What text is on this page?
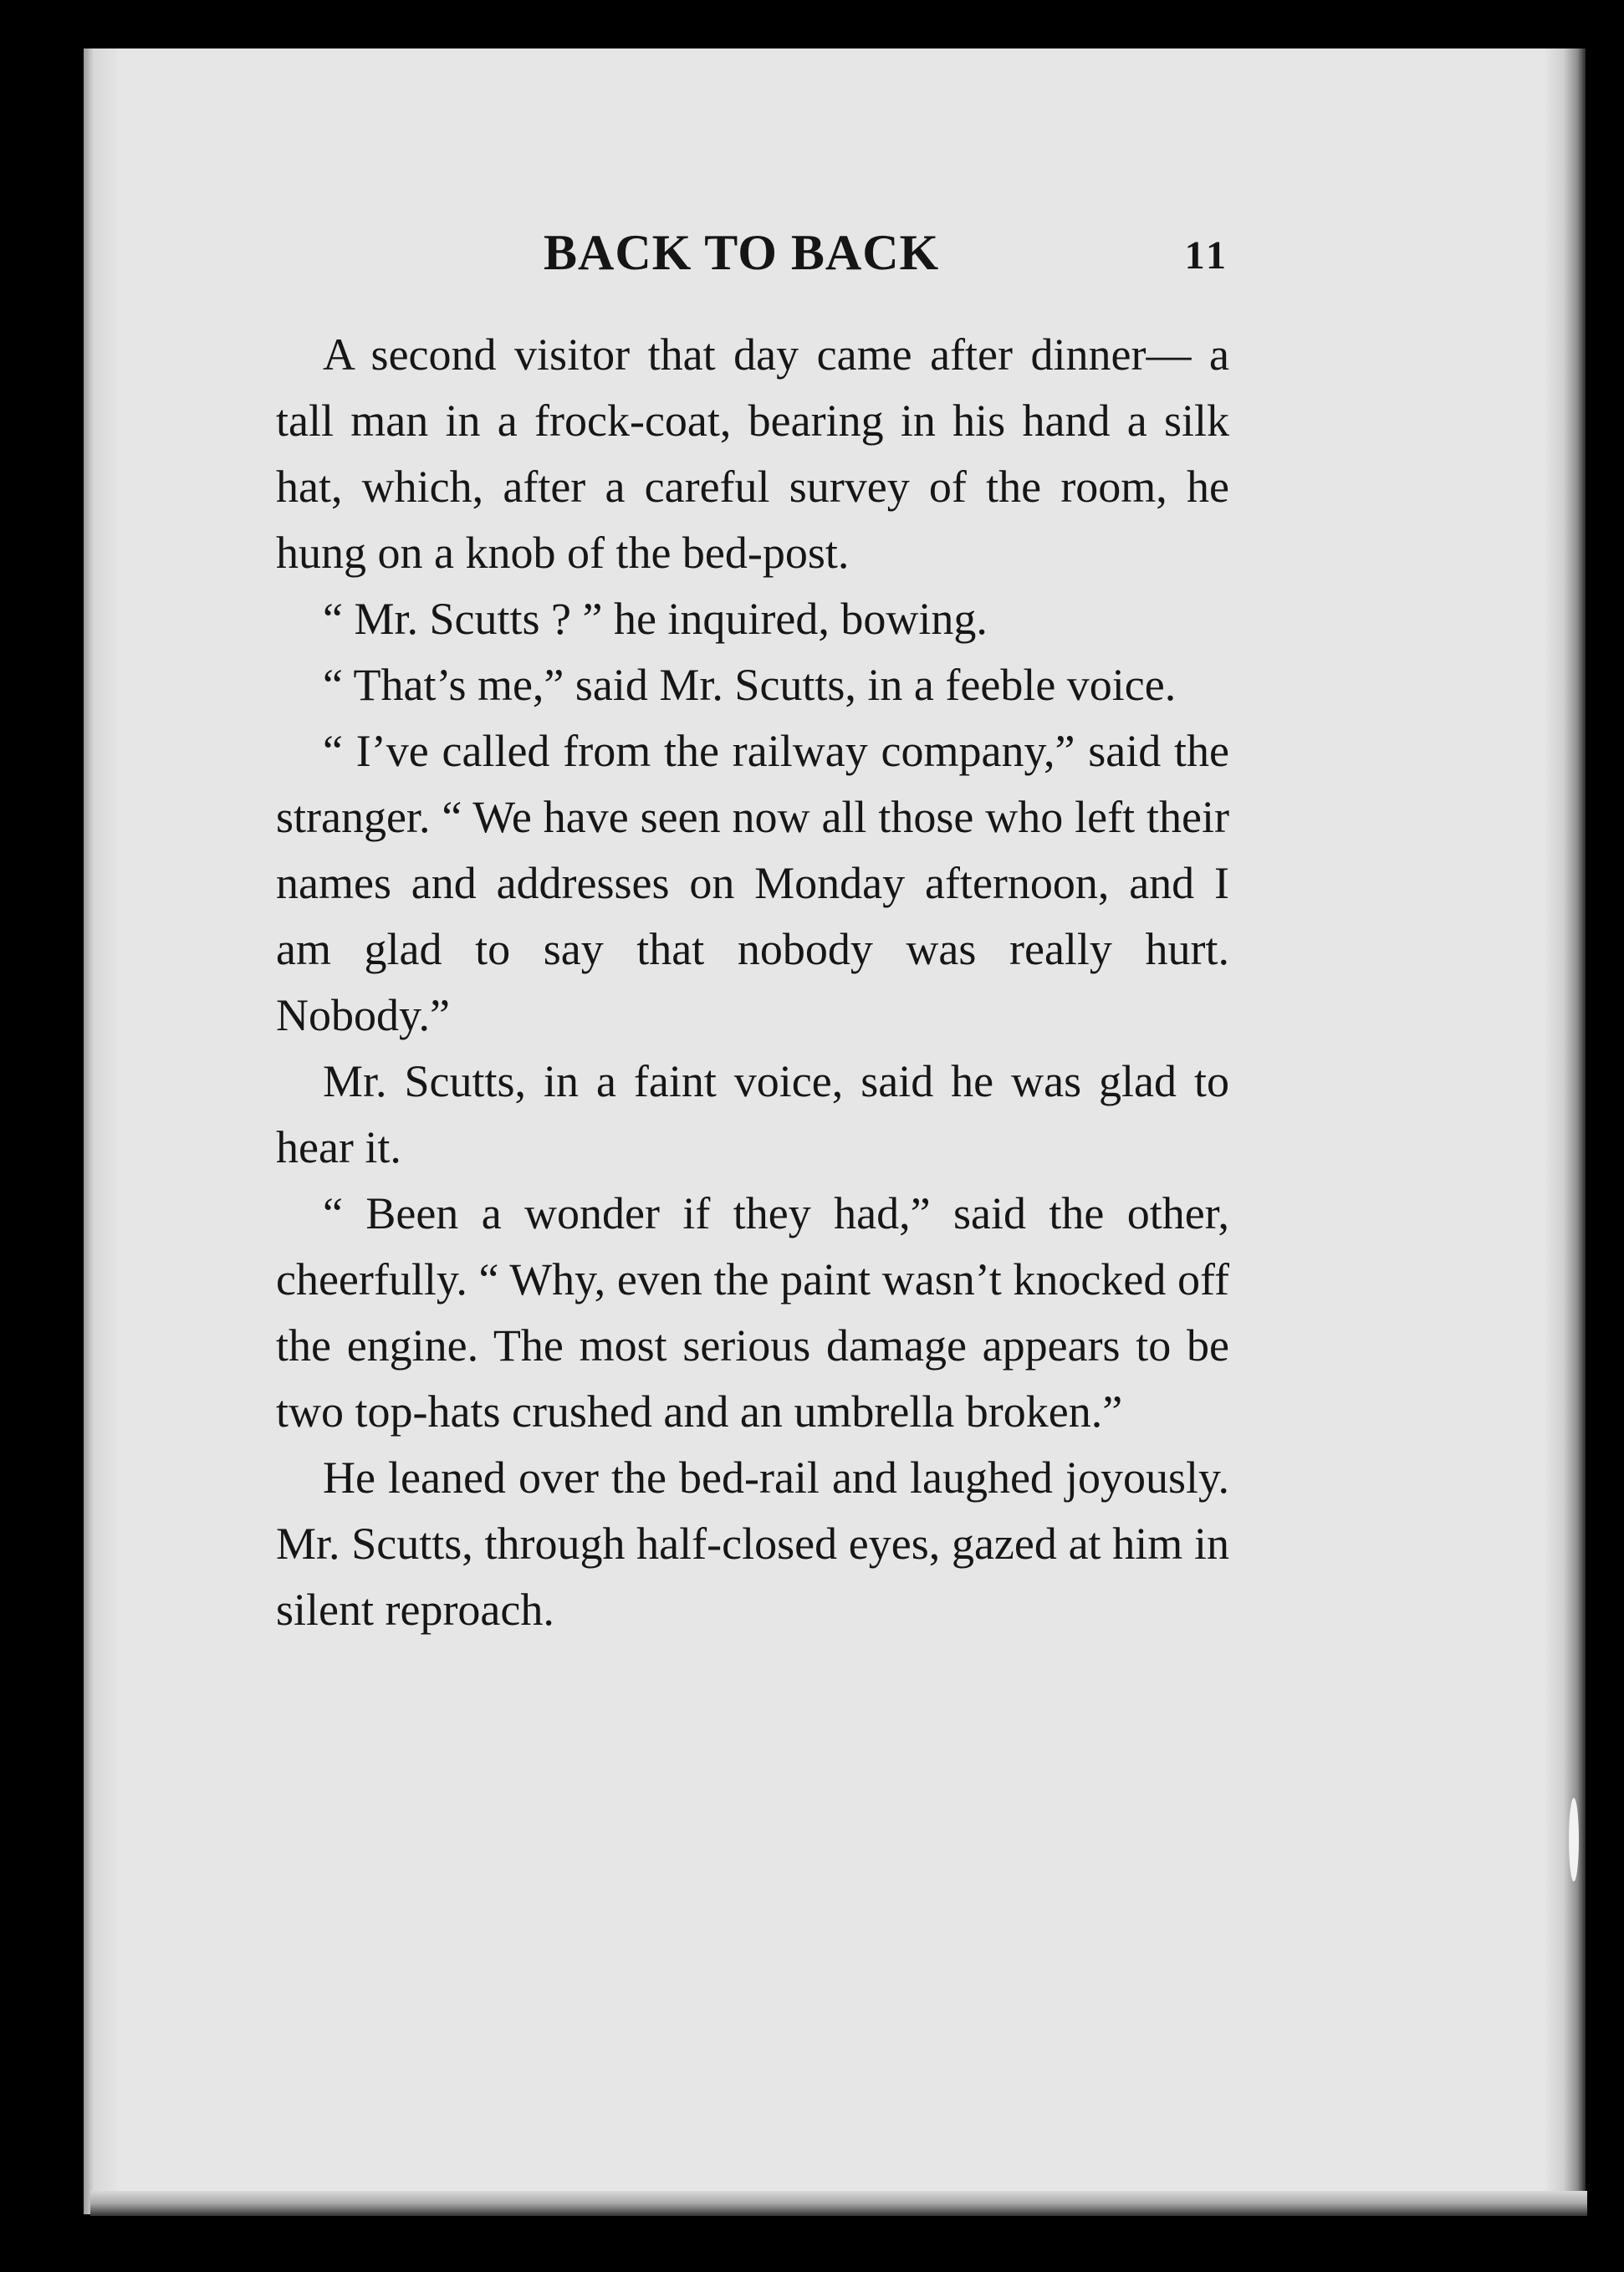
BACK TO BACK	11

A second visitor that day came after dinner— a tall man in a frock-coat, bearing in his hand a silk hat, which, after a careful survey of the room, he hung on a knob of the bed-post.

“ Mr. Scutts ? ” he inquired, bowing.

“ That’s me,” said Mr. Scutts, in a feeble voice.

“ I’ve called from the railway company,” said the stranger. “ We have seen now all those who left their names and addresses on Monday afternoon, and I am glad to say that nobody was really hurt. Nobody.”

Mr. Scutts, in a faint voice, said he was glad to hear it.

“ Been a wonder if they had,” said the other, cheerfully. “ Why, even the paint wasn’t knocked off the engine. The most serious damage appears to be two top-hats crushed and an umbrella broken.”

He leaned over the bed-rail and laughed joyously. Mr. Scutts, through half-closed eyes, gazed at him in silent reproach.
